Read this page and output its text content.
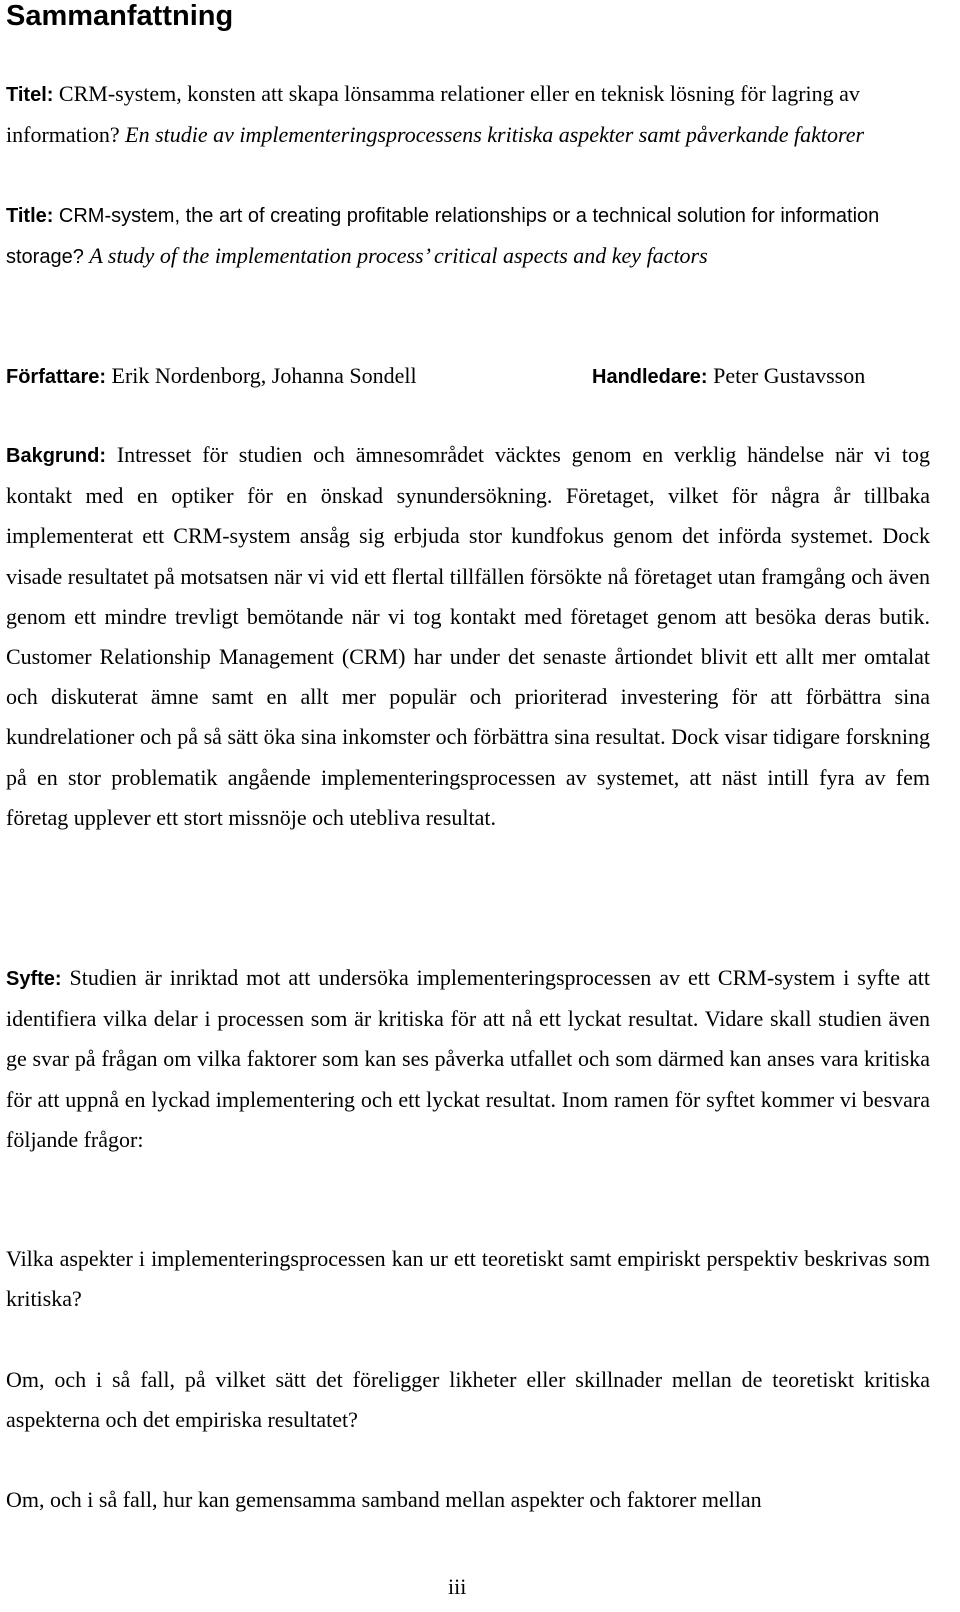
Sammanfattning

Titel: CRM-system, konsten att skapa lönsamma relationer eller en teknisk lösning för lagring av information? En studie av implementeringsprocessens kritiska aspekter samt påverkande faktorer

Title: CRM-system, the art of creating profitable relationships or a technical solution for information storage? A study of the implementation process’ critical aspects and key factors

Författare: Erik Nordenborg, Johanna Sondell	Handledare: Peter Gustavsson

Bakgrund: Intresset för studien och ämnesområdet väcktes genom en verklig händelse när vi tog kontakt med en optiker för en önskad synundersökning. Företaget, vilket för några år tillbaka implementerat ett CRM-system ansåg sig erbjuda stor kundfokus genom det införda systemet. Dock visade resultatet på motsatsen när vi vid ett flertal tillfällen försökte nå företaget utan framgång och även genom ett mindre trevligt bemötande när vi tog kontakt med företaget genom att besöka deras butik. Customer Relationship Management (CRM) har under det senaste årtiondet blivit ett allt mer omtalat och diskuterat ämne samt en allt mer populär och prioriterad investering för att förbättra sina kundrelationer och på så sätt öka sina inkomster och förbättra sina resultat. Dock visar tidigare forskning på en stor problematik angående implementeringsprocessen av systemet, att näst intill fyra av fem företag upplever ett stort missnöje och utebliva resultat.

Syfte: Studien är inriktad mot att undersöka implementeringsprocessen av ett CRM-system i syfte att identifiera vilka delar i processen som är kritiska för att nå ett lyckat resultat. Vidare skall studien även ge svar på frågan om vilka faktorer som kan ses påverka utfallet och som därmed kan anses vara kritiska för att uppnå en lyckad implementering och ett lyckat resultat. Inom ramen för syftet kommer vi besvara följande frågor:

Vilka aspekter i implementeringsprocessen kan ur ett teoretiskt samt empiriskt perspektiv beskrivas som kritiska?

Om, och i så fall, på vilket sätt det föreligger likheter eller skillnader mellan de teoretiskt kritiska aspekterna och det empiriska resultatet?

Om, och i så fall, hur kan gemensamma samband mellan aspekter och faktorer mellan

iii
